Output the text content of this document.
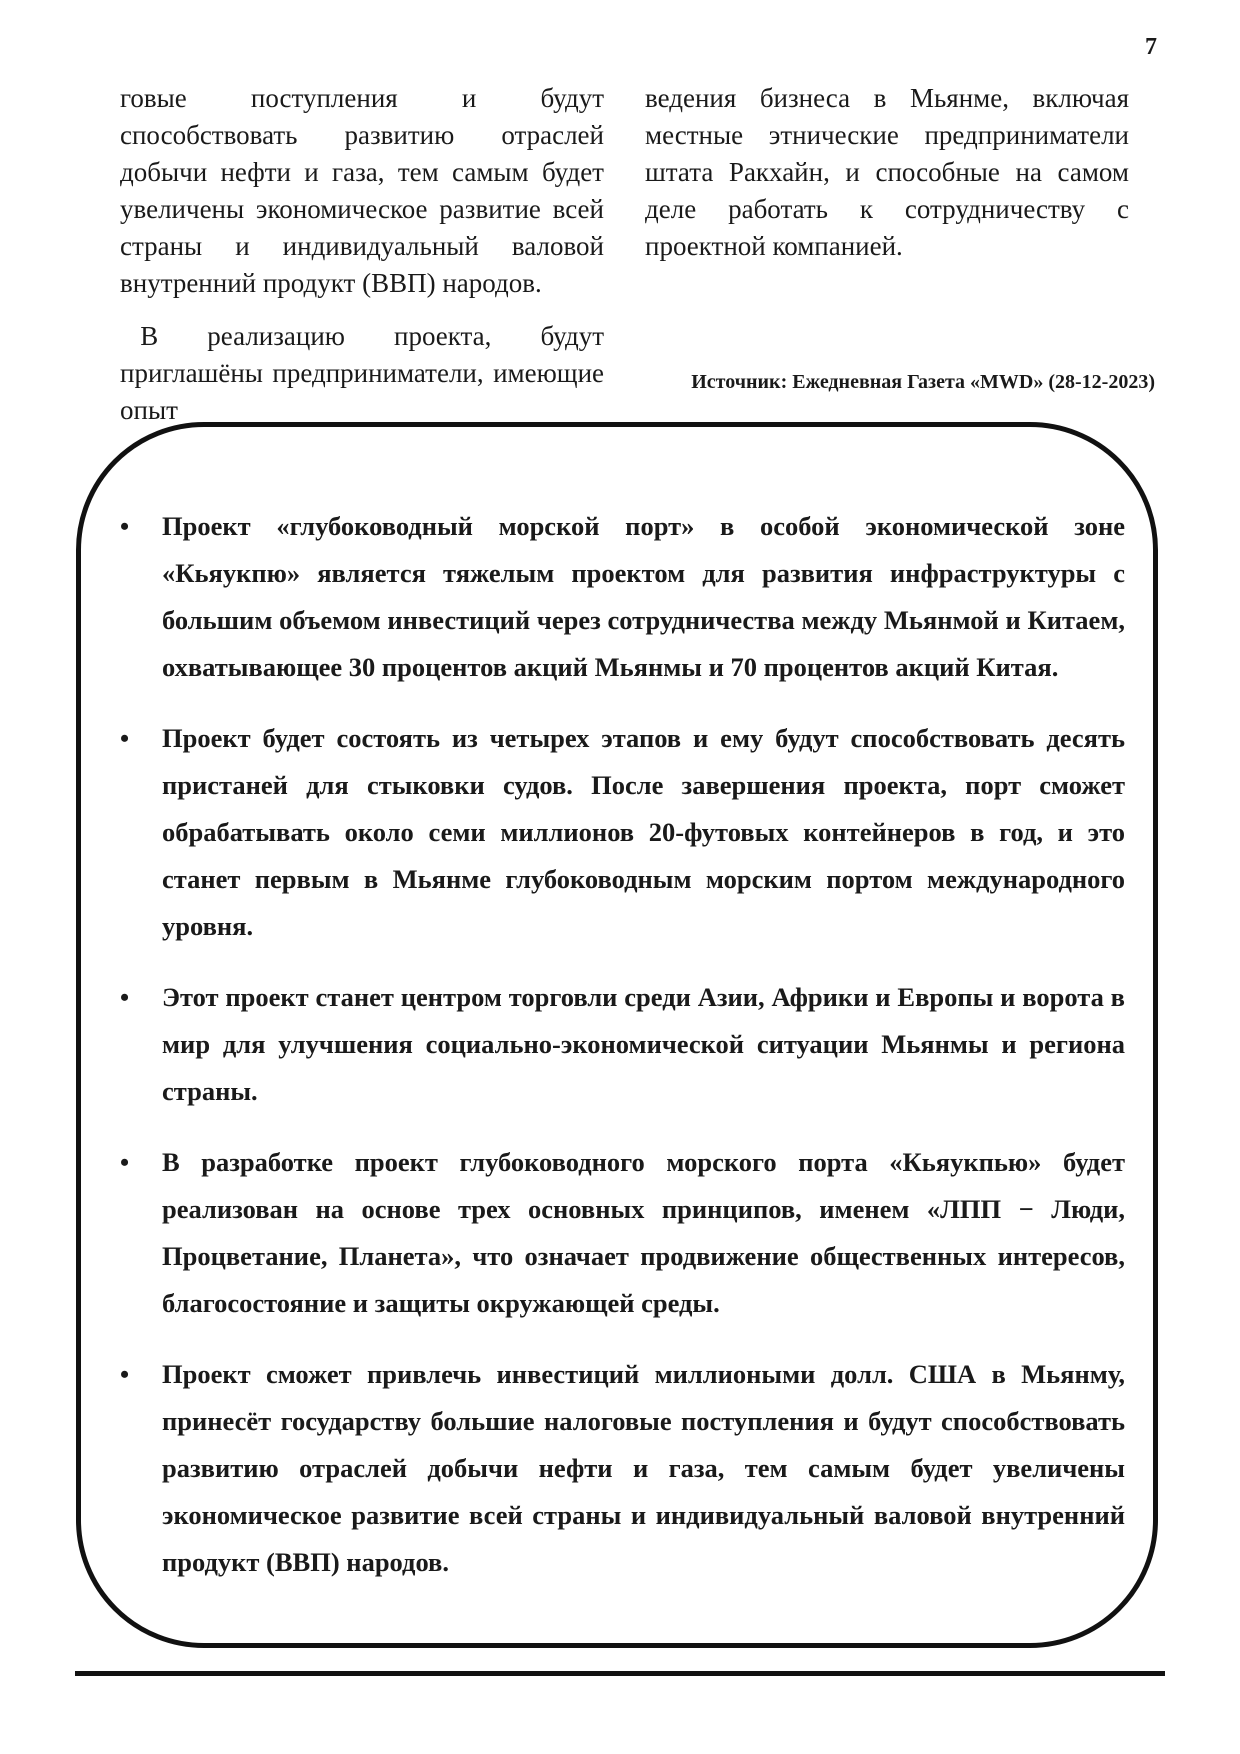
7

говые поступления и будут способствовать развитию отраслей добычи нефти и газа, тем самым будет увеличены экономическое развитие всей страны и индивидуальный валовой внутренний продукт (ВВП) народов.

В реализацию проекта, будут приглашёны предприниматели, имеющие опыт

ведения бизнеса в Мьянме, включая местные этнические предприниматели штата Ракхайн, и способные на самом деле работать к сотрудничеству с проектной компанией.

Источник: Ежедневная Газета «MWD» (28-12-2023)
•	Проект «глубоководный морской порт» в особой экономической зоне «Кьяукпю» является тяжелым проектом для развития инфраструктуры с большим объемом инвестиций через сотрудничества между Мьянмой и Китаем, охватывающее 30 процентов акций Мьянмы и 70 процентов акций Китая.
•	Проект будет состоять из четырех этапов и ему будут способствовать десять пристаней для стыковки судов. После завершения проекта, порт сможет обрабатывать около семи миллионов 20-футовых контейнеров в год, и это станет первым в Мьянме глубоководным морским портом международного уровня.
•	Этот проект станет центром торговли среди Азии, Африки и Европы и ворота в мир для улучшения социально-экономической ситуации Мьянмы и региона страны.
•	В разработке проект глубоководного морского порта «Кьяукпью» будет реализован на основе трех основных принципов, именем «ЛПП − Люди, Процветание, Планета», что означает продвижение общественных интересов, благосостояние и защиты окружающей среды.
•	Проект сможет привлечь инвестиций миллиоными долл. США в Мьянму, принесёт государству большие налоговые поступления и будут способствовать развитию отраслей добычи нефти и газа, тем самым будет увеличены экономическое развитие всей страны и индивидуальный валовой внутренний продукт (ВВП) народов.
